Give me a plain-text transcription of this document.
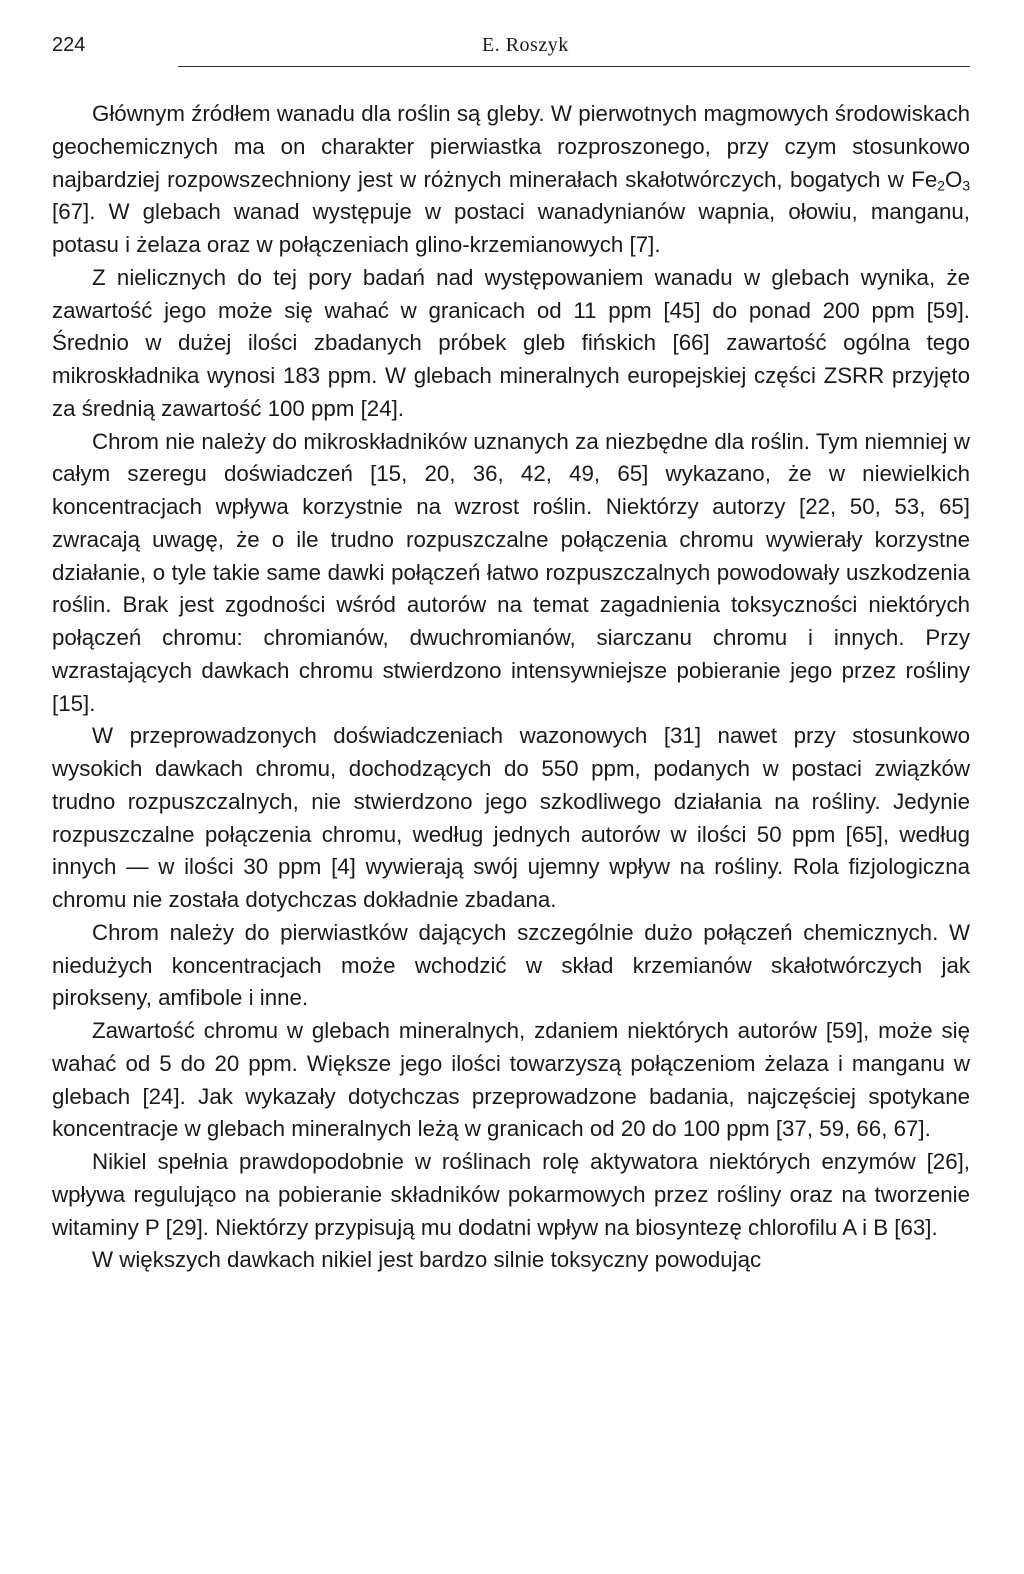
224	E. Roszyk

Głównym źródłem wanadu dla roślin są gleby. W pierwotnych magmowych środowiskach geochemicznych ma on charakter pierwiastka rozproszonego, przy czym stosunkowo najbardziej rozpowszechniony jest w różnych minerałach skałotwórczych, bogatych w $Fe_2O_3$ [67]. W glebach wanad występuje w postaci wanadynianów wapnia, ołowiu, manganu, potasu i żelaza oraz w połączeniach glino-krzemianowych [7].

Z nielicznych do tej pory badań nad występowaniem wanadu w glebach wynika, że zawartość jego może się wahać w granicach od 11 ppm [45] do ponad 200 ppm [59]. Średnio w dużej ilości zbadanych próbek gleb fińskich [66] zawartość ogólna tego mikroskładnika wynosi 183 ppm. W glebach mineralnych europejskiej części ZSRR przyjęto za średnią zawartość 100 ppm [24].

Chrom nie należy do mikroskładników uznanych za niezbędne dla roślin. Tym niemniej w całym szeregu doświadczeń [15, 20, 36, 42, 49, 65] wykazano, że w niewielkich koncentracjach wpływa korzystnie na wzrost roślin. Niektórzy autorzy [22, 50, 53, 65] zwracają uwagę, że o ile trudno rozpuszczalne połączenia chromu wywierały korzystne działanie, o tyle takie same dawki połączeń łatwo rozpuszczalnych powodowały uszkodzenia roślin. Brak jest zgodności wśród autorów na temat zagadnienia toksyczności niektórych połączeń chromu: chromianów, dwuchromianów, siarczanu chromu i innych. Przy wzrastających dawkach chromu stwierdzono intensywniejsze pobieranie jego przez rośliny [15].

W przeprowadzonych doświadczeniach wazonowych [31] nawet przy stosunkowo wysokich dawkach chromu, dochodzących do 550 ppm, podanych w postaci związków trudno rozpuszczalnych, nie stwierdzono jego szkodliwego działania na rośliny. Jedynie rozpuszczalne połączenia chromu, według jednych autorów w ilości 50 ppm [65], według innych — w ilości 30 ppm [4] wywierają swój ujemny wpływ na rośliny. Rola fizjologiczna chromu nie została dotychczas dokładnie zbadana.

Chrom należy do pierwiastków dających szczególnie dużo połączeń chemicznych. W niedużych koncentracjach może wchodzić w skład krzemianów skałotwórczych jak pirokseny, amfibole i inne.

Zawartość chromu w glebach mineralnych, zdaniem niektórych autorów [59], może się wahać od 5 do 20 ppm. Większe jego ilości towarzyszą połączeniom żelaza i manganu w glebach [24]. Jak wykazały dotychczas przeprowadzone badania, najczęściej spotykane koncentracje w glebach mineralnych leżą w granicach od 20 do 100 ppm [37, 59, 66, 67].

Nikiel spełnia prawdopodobnie w roślinach rolę aktywatora niektórych enzymów [26], wpływa regulująco na pobieranie składników pokarmowych przez rośliny oraz na tworzenie witaminy P [29]. Niektórzy przypisują mu dodatni wpływ na biosyntezę chlorofilu A i B [63].

W większych dawkach nikiel jest bardzo silnie toksyczny powodując
